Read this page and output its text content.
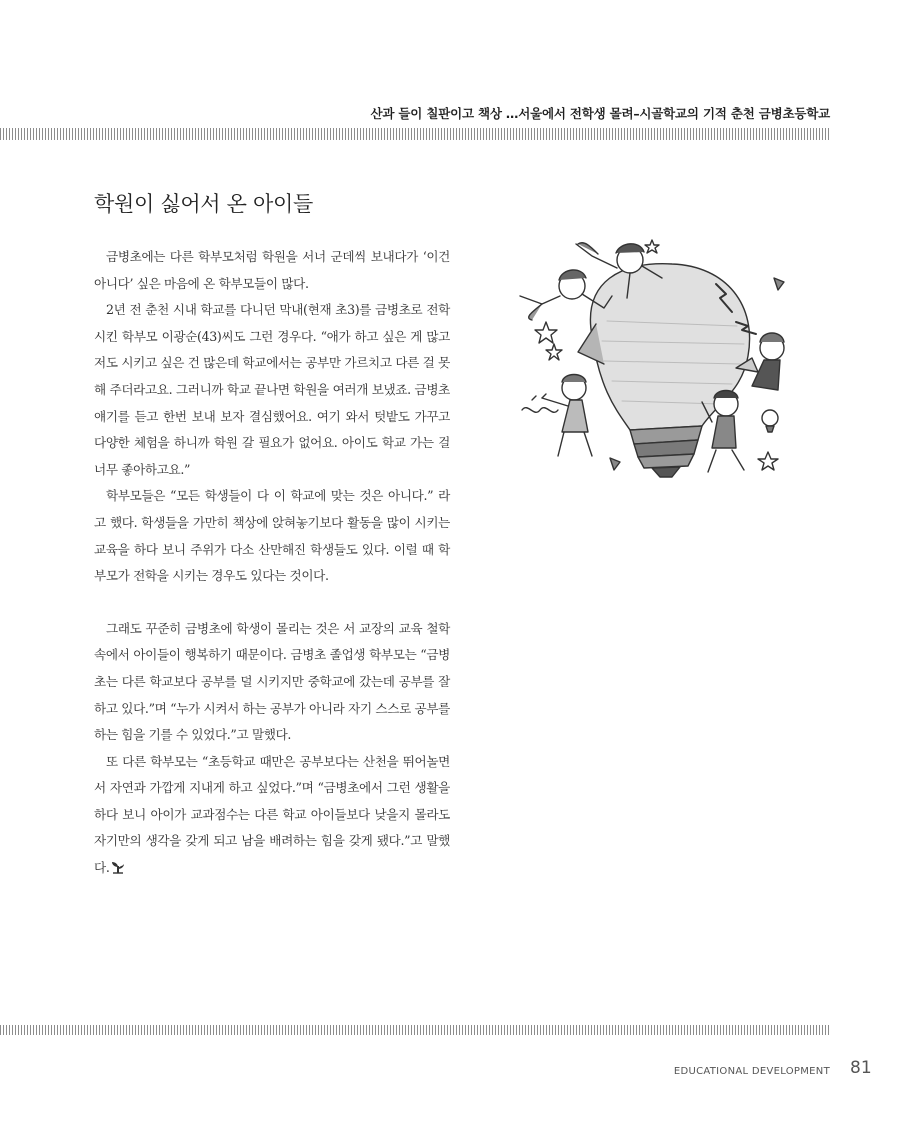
산과 들이 칠판이고 책상 …서울에서 전학생 몰려–시골학교의 기적 춘천 금병초등학교
학원이 싫어서 온 아이들

금병초에는 다른 학부모처럼 학원을 서너 군데씩 보내다가 ‘이건 아니다’ 싶은 마음에 온 학부모들이 많다.

2년 전 춘천 시내 학교를 다니던 막내(현재 초3)를 금병초로 전학시킨 학부모 이광순(43)씨도 그런 경우다. “애가 하고 싶은 게 많고 저도 시키고 싶은 건 많은데 학교에서는 공부만 가르치고 다른 걸 못해 주더라고요. 그러니까 학교 끝나면 학원을 여러개 보냈죠. 금병초 얘기를 듣고 한번 보내 보자 결심했어요. 여기 와서 텃밭도 가꾸고 다양한 체험을 하니까 학원 갈 필요가 없어요. 아이도 학교 가는 걸 너무 좋아하고요.”

학부모들은 “모든 학생들이 다 이 학교에 맞는 것은 아니다.” 라고 했다. 학생들을 가만히 책상에 앉혀놓기보다 활동을 많이 시키는 교육을 하다 보니 주위가 다소 산만해진 학생들도 있다. 이럴 때 학부모가 전학을 시키는 경우도 있다는 것이다.

그래도 꾸준히 금병초에 학생이 몰리는 것은 서 교장의 교육 철학 속에서 아이들이 행복하기 때문이다. 금병초 졸업생 학부모는 “금병초는 다른 학교보다 공부를 덜 시키지만 중학교에 갔는데 공부를 잘 하고 있다.”며 “누가 시켜서 하는 공부가 아니라 자기 스스로 공부를 하는 힘을 기를 수 있었다.”고 말했다.

또 다른 학부모는 “초등학교 때만은 공부보다는 산천을 뛰어놀면서 자연과 가깝게 지내게 하고 싶었다.”며 “금병초에서 그런 생활을 하다 보니 아이가 교과점수는 다른 학교 아이들보다 낮을지 몰라도 자기만의 생각을 갖게 되고 남을 배려하는 힘을 갖게 됐다.”고 말했다.

EDUCATIONAL DEVELOPMENT 81
